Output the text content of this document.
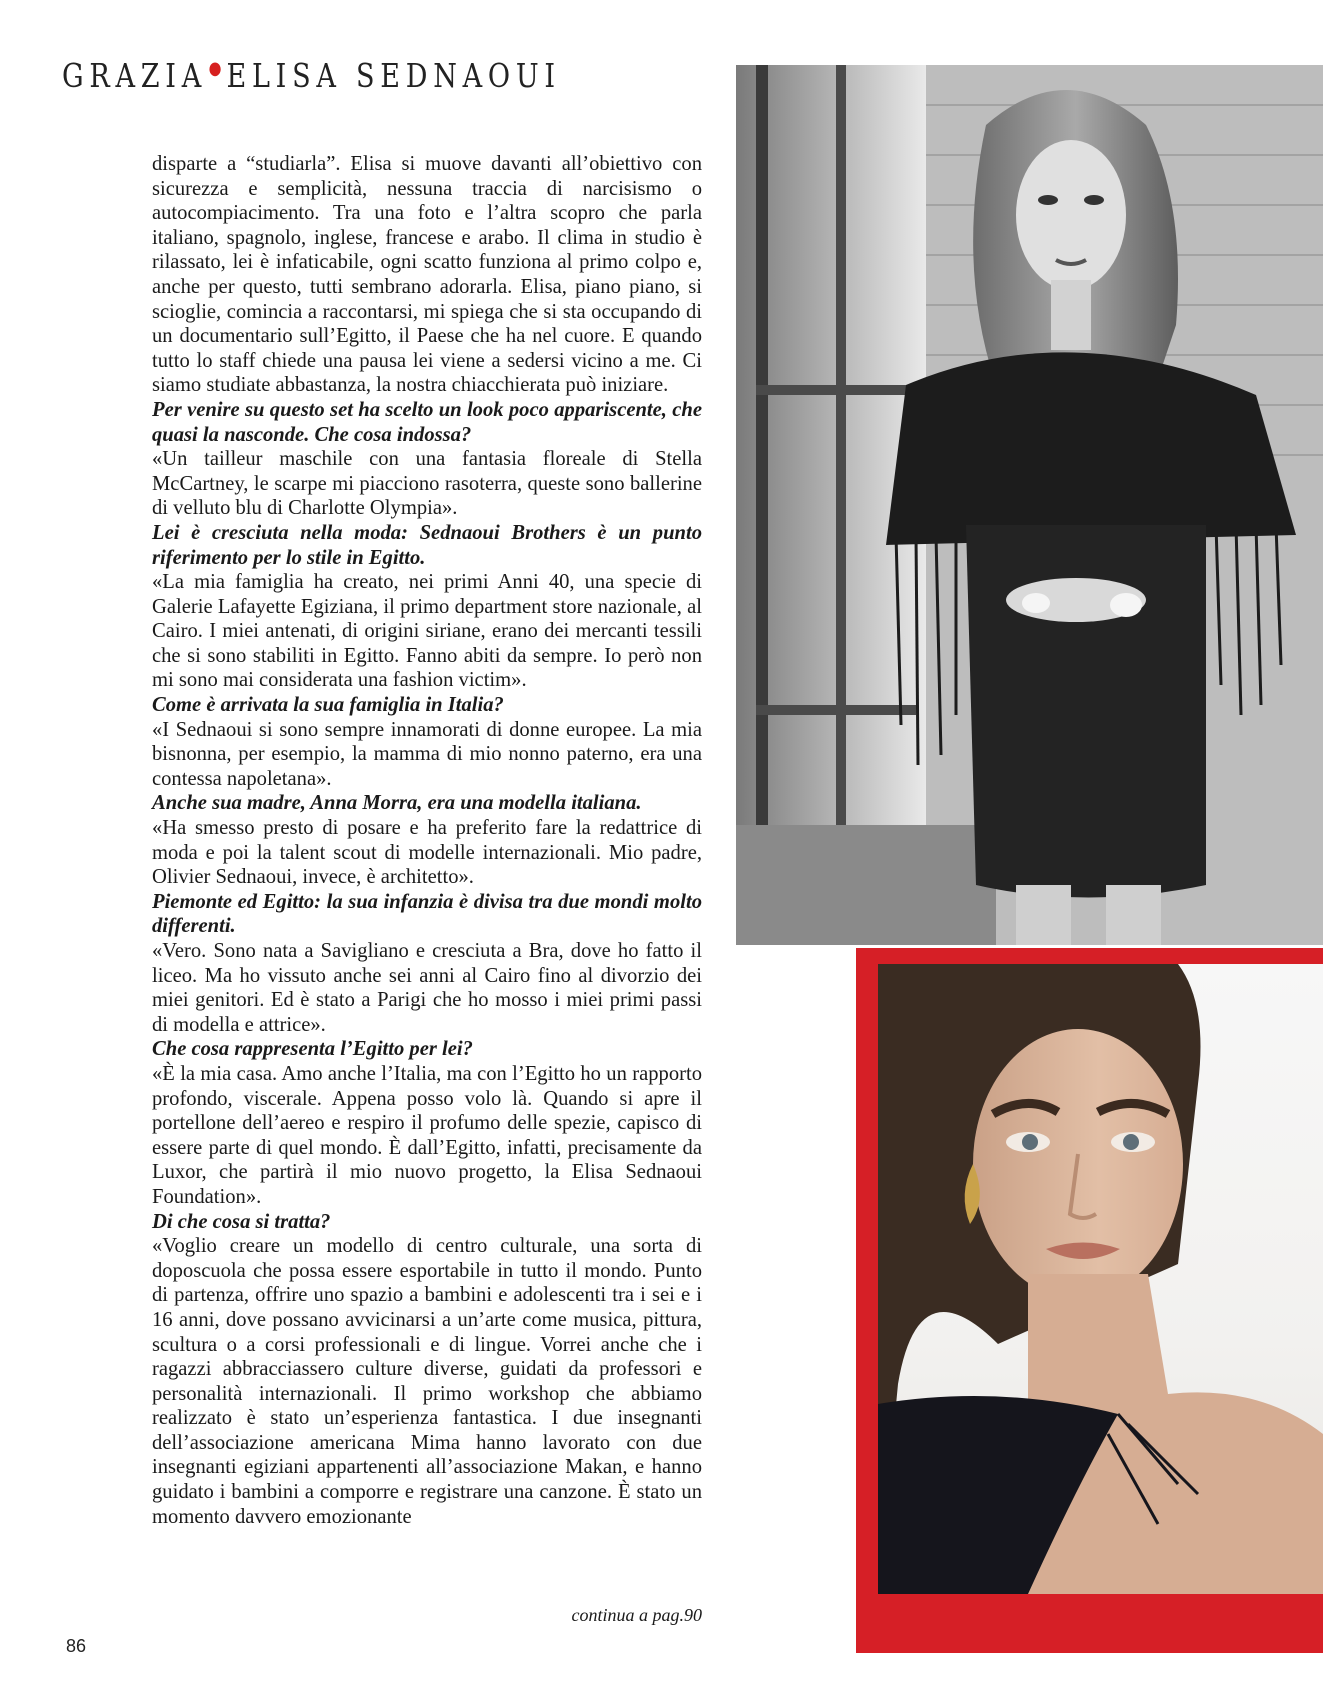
GRAZIA● ELISA SEDNAOUI

disparte a “studiarla”. Elisa si muove davanti all’obiettivo con sicurezza e semplicità, nessuna traccia di narcisismo o autocompiacimento. Tra una foto e l’altra scopro che parla italiano, spagnolo, inglese, francese e arabo. Il clima in studio è rilassato, lei è infaticabile, ogni scatto funziona al primo colpo e, anche per questo, tutti sembrano adorarla. Elisa, piano piano, si scioglie, comincia a raccontarsi, mi spiega che si sta occupando di un documentario sull’Egitto, il Paese che ha nel cuore. E quando tutto lo staff chiede una pausa lei viene a sedersi vicino a me. Ci siamo studiate abbastanza, la nostra chiacchierata può iniziare.

Per venire su questo set ha scelto un look poco appariscente, che quasi la nasconde. Che cosa indossa?

«Un tailleur maschile con una fantasia floreale di Stella McCartney, le scarpe mi piacciono rasoterra, queste sono ballerine di velluto blu di Charlotte Olympia».

Lei è cresciuta nella moda: Sednaoui Brothers è un punto riferimento per lo stile in Egitto.

«La mia famiglia ha creato, nei primi Anni 40, una specie di Galerie Lafayette Egiziana, il primo department store nazionale, al Cairo. I miei antenati, di origini siriane, erano dei mercanti tessili che si sono stabiliti in Egitto. Fanno abiti da sempre. Io però non mi sono mai considerata una fashion victim».

Come è arrivata la sua famiglia in Italia?

«I Sednaoui si sono sempre innamorati di donne europee. La mia bisnonna, per esempio, la mamma di mio nonno paterno, era una contessa napoletana».

Anche sua madre, Anna Morra, era una modella italiana.

«Ha smesso presto di posare e ha preferito fare la redattrice di moda e poi la talent scout di modelle internazionali. Mio padre, Olivier Sednaoui, invece, è architetto».

Piemonte ed Egitto: la sua infanzia è divisa tra due mondi molto differenti.

«Vero. Sono nata a Savigliano e cresciuta a Bra, dove ho fatto il liceo. Ma ho vissuto anche sei anni al Cairo fino al divorzio dei miei genitori. Ed è stato a Parigi che ho mosso i miei primi passi di modella e attrice».

Che cosa rappresenta l’Egitto per lei?

«È la mia casa. Amo anche l’Italia, ma con l’Egitto ho un rapporto profondo, viscerale. Appena posso volo là. Quando si apre il portellone dell’aereo e respiro il profumo delle spezie, capisco di essere parte di quel mondo. È dall’Egitto, infatti, precisamente da Luxor, che partirà il mio nuovo progetto, la Elisa Sednaoui Foundation».

Di che cosa si tratta?

«Voglio creare un modello di centro culturale, una sorta di doposcuola che possa essere esportabile in tutto il mondo. Punto di partenza, offrire uno spazio a bambini e adolescenti tra i sei e i 16 anni, dove possano avvicinarsi a un’arte come musica, pittura, scultura o a corsi professionali e di lingue. Vorrei anche che i ragazzi abbracciassero culture diverse, guidati da professori e personalità internazionali. Il primo workshop che abbiamo realizzato è stato un’esperienza fantastica. I due insegnanti dell’associazione americana Mima hanno lavorato con due insegnanti egiziani appartenenti all’associazione Makan, e hanno guidato i bambini a comporre e registrare una canzone. È stato un momento davvero emozionante

continua a pag.90
86
